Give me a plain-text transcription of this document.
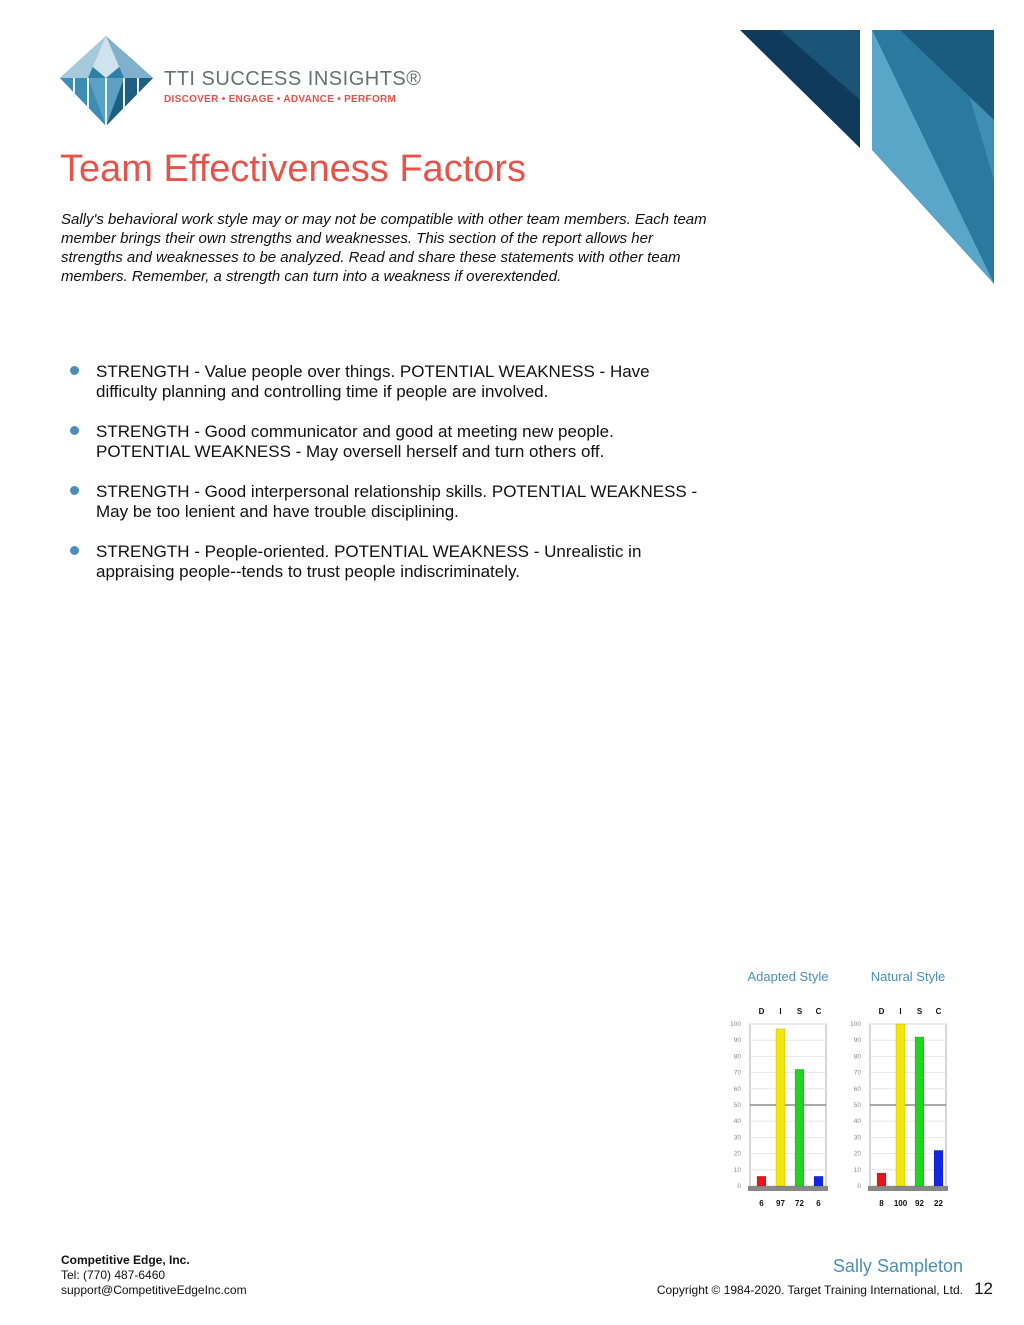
TTI SUCCESS INSIGHTS®
DISCOVER • ENGAGE • ADVANCE • PERFORM
Team Effectiveness Factors

Sally's behavioral work style may or may not be compatible with other team members. Each team member brings their own strengths and weaknesses. This section of the report allows her strengths and weaknesses to be analyzed. Read and share these statements with other team members. Remember, a strength can turn into a weakness if overextended.

STRENGTH - Value people over things. POTENTIAL WEAKNESS - Have difficulty planning and controlling time if people are involved.
STRENGTH - Good communicator and good at meeting new people. POTENTIAL WEAKNESS - May oversell herself and turn others off.
STRENGTH - Good interpersonal relationship skills. POTENTIAL WEAKNESS - May be too lenient and have trouble disciplining.
STRENGTH - People-oriented. POTENTIAL WEAKNESS - Unrealistic in appraising people--tends to trust people indiscriminately.
Adapted Style
0
10
20
30
40
50
60
70
80
90
100
D
6
I
97
S
72
C
6
Natural Style
0
10
20
30
40
50
60
70
80
90
100
D
8
I
100
S
92
C
22
Competitive Edge, Inc.
Tel: (770) 487-6460
support@CompetitiveEdgeInc.com
Sally Sampleton
Copyright © 1984-2020. Target Training International, Ltd. 12
